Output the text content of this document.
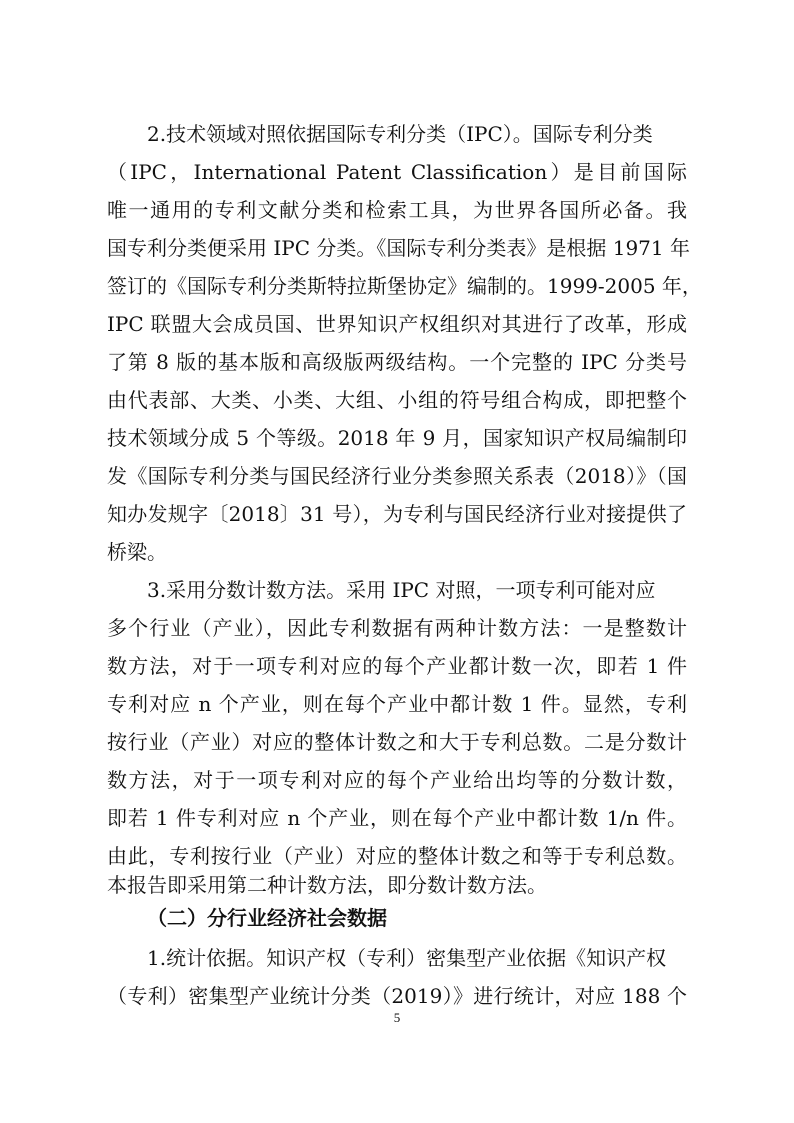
2.技术领域对照依据国际专利分类（IPC）。国际专利分类
（IPC，International Patent Classification）是目前国际
唯一通用的专利文献分类和检索工具，为世界各国所必备。我
国专利分类便采用 IPC 分类。《国际专利分类表》是根据 1971 年
签订的《国际专利分类斯特拉斯堡协定》编制的。1999-2005 年，
IPC 联盟大会成员国、世界知识产权组织对其进行了改革，形成
了第 8 版的基本版和高级版两级结构。一个完整的 IPC 分类号
由代表部、大类、小类、大组、小组的符号组合构成，即把整个
技术领域分成 5 个等级。2018 年 9 月，国家知识产权局编制印
发《国际专利分类与国民经济行业分类参照关系表（2018）》（国
知办发规字〔2018〕31 号），为专利与国民经济行业对接提供了
桥梁。
3.采用分数计数方法。采用 IPC 对照，一项专利可能对应
多个行业（产业），因此专利数据有两种计数方法：一是整数计
数方法，对于一项专利对应的每个产业都计数一次，即若 1 件
专利对应 n 个产业，则在每个产业中都计数 1 件。显然，专利
按行业（产业）对应的整体计数之和大于专利总数。二是分数计
数方法，对于一项专利对应的每个产业给出均等的分数计数，
即若 1 件专利对应 n 个产业，则在每个产业中都计数 1/n 件。
由此，专利按行业（产业）对应的整体计数之和等于专利总数。
本报告即采用第二种计数方法，即分数计数方法。
（二）分行业经济社会数据
1.统计依据。知识产权（专利）密集型产业依据《知识产权
（专利）密集型产业统计分类（2019）》进行统计，对应 188 个
5
